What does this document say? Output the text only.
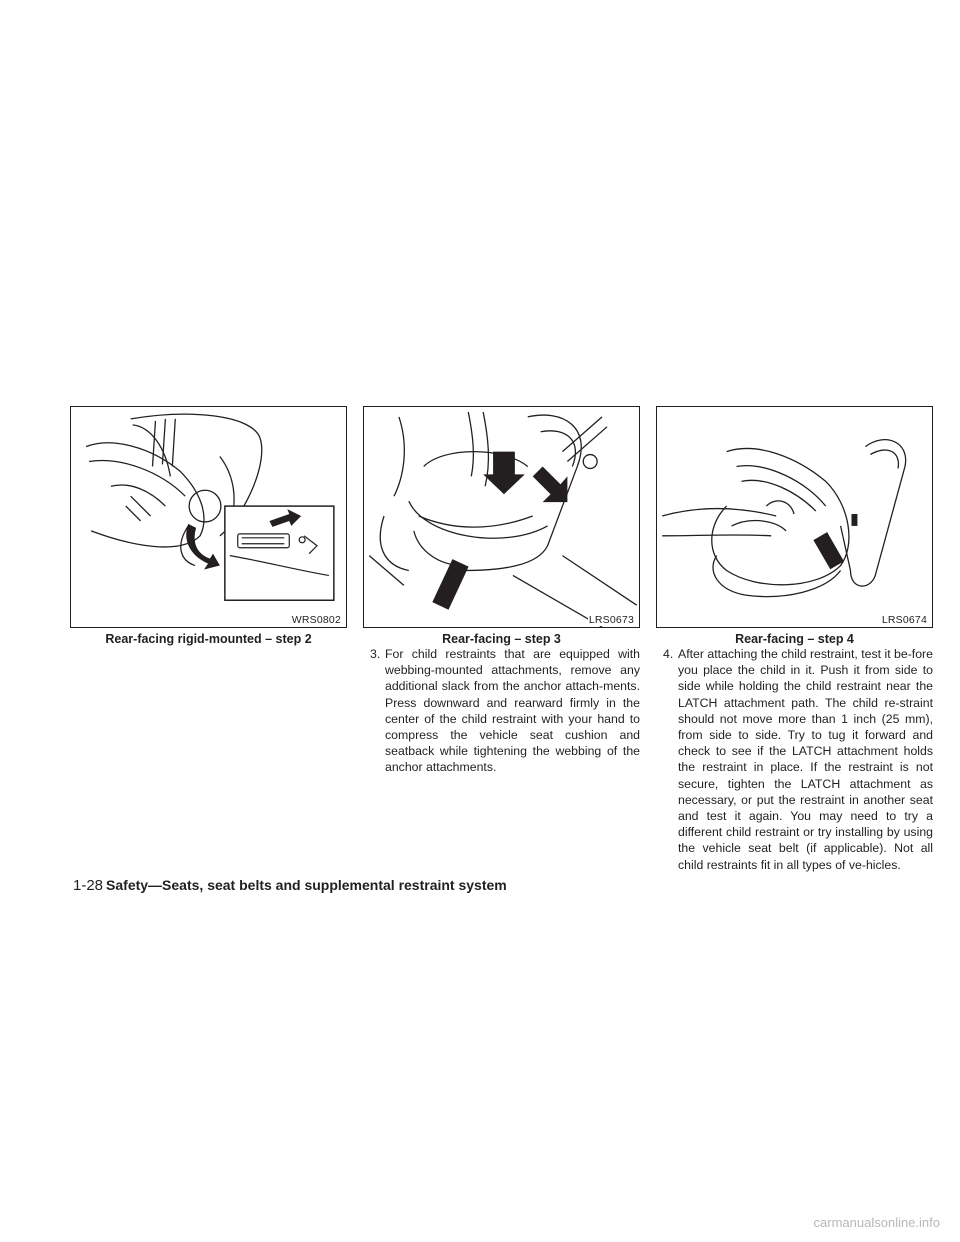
WRS0802
Rear-facing rigid-mounted – step 2
LRS0673
Rear-facing – step 3
LRS0674
Rear-facing – step 4
3. For child restraints that are equipped with webbing-mounted attachments, remove any additional slack from the anchor attach-ments. Press downward and rearward firmly in the center of the child restraint with your hand to compress the vehicle seat cushion and seatback while tightening the webbing of the anchor attachments.
4. After attaching the child restraint, test it be-fore you place the child in it. Push it from side to side while holding the child restraint near the LATCH attachment path. The child re-straint should not move more than 1 inch (25 mm), from side to side. Try to tug it forward and check to see if the LATCH attachment holds the restraint in place. If the restraint is not secure, tighten the LATCH attachment as necessary, or put the restraint in another seat and test it again. You may need to try a different child restraint or try installing by using the vehicle seat belt (if applicable). Not all child restraints fit in all types of ve-hicles.
1-28 Safety—Seats, seat belts and supplemental restraint system
carmanualsonline.info
